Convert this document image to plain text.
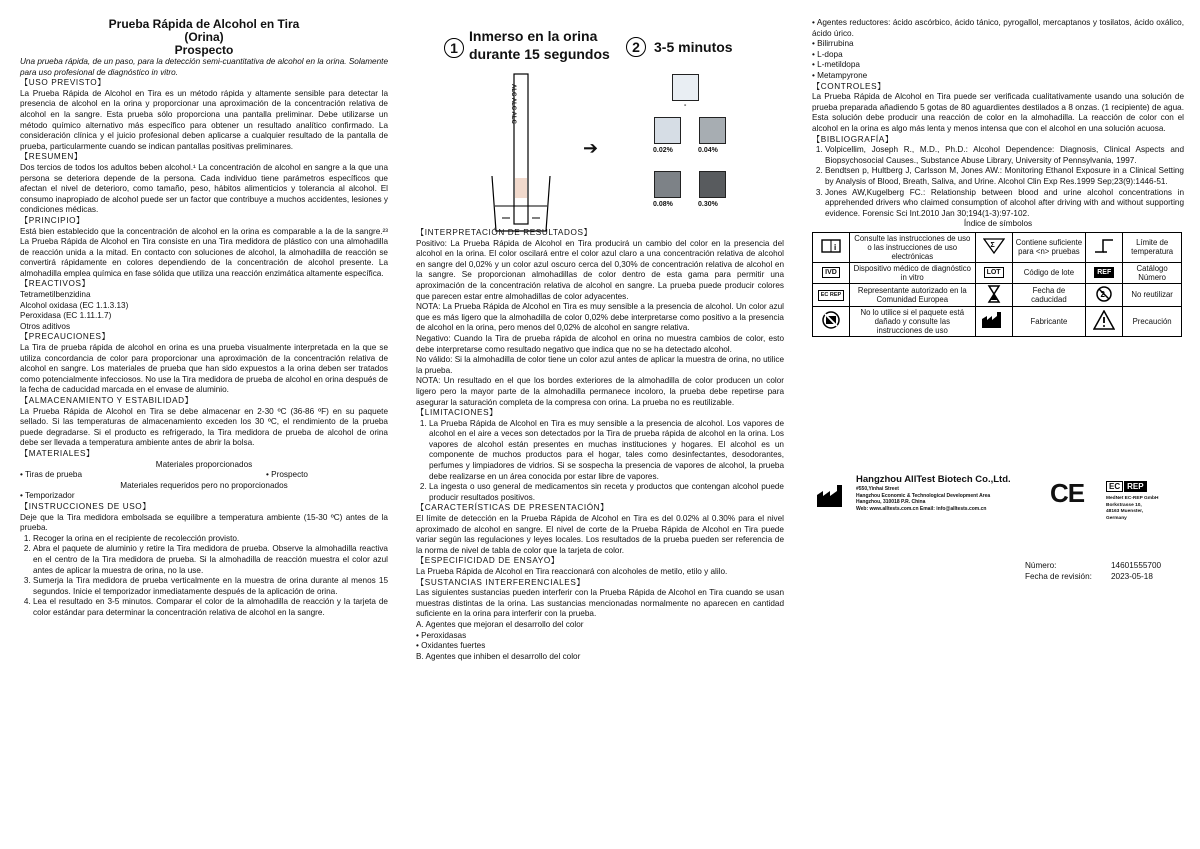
Prueba Rápida de Alcohol en Tira

(Orina)

Prospecto

Una prueba rápida, de un paso, para la detección semi-cuantitativa de alcohol en la orina. Solamente para uso profesional de diagnóstico in vitro.

【USO PREVISTO】

La Prueba Rápida de Alcohol en Tira es un método rápida y altamente sensible para detectar la presencia de alcohol en la orina y proporcionar una aproximación de la concentración relativa de alcohol en la sangre. Esta prueba sólo proporciona una pantalla preliminar. Debe utilizarse un método químico alternativo más específico para obtener un resultado analítico confirmado. La consideración clínica y el juicio profesional deben aplicarse a cualquier resultado de la pantalla de prueba, particularmente cuando se indican pantallas positivas preliminares.

【RESUMEN】

Dos tercios de todos los adultos beben alcohol.¹ La concentración de alcohol en sangre a la que una persona se deteriora depende de la persona. Cada individuo tiene parámetros específicos que afectan el nivel de deterioro, como tamaño, peso, hábitos alimenticios y tolerancia al alcohol. El consumo inapropiado de alcohol puede ser un factor que contribuye a muchos accidentes, lesiones y condiciones médicas.

【PRINCIPIO】

Está bien establecido que la concentración de alcohol en la orina es comparable a la de la sangre.²³ La Prueba Rápida de Alcohol en Tira consiste en una Tira medidora de plástico con una almohadilla de reacción unida a la mitad. En contacto con soluciones de alcohol, la almohadilla de reacción se convertirá rápidamente en colores dependiendo de la concentración de alcohol presente. La almohadilla emplea química en fase sólida que utiliza una reacción enzimática altamente específica.

【REACTIVOS】

Tetrametilbenzidina

Alcohol oxidasa (EC 1.1.3.13)

Peroxidasa (EC 1.11.1.7)

Otros aditivos

【PRECAUCIONES】

La Tira de prueba rápida de alcohol en orina es una prueba visualmente interpretada en la que se utiliza concordancia de color para proporcionar una aproximación de la concentración relativa de alcohol en sangre. Los materiales de prueba que han sido expuestos a la orina deben ser tratados como potencialmente infecciosos. No use la Tira medidora de prueba de alcohol en orina después de la fecha de caducidad marcada en el envase de aluminio.

【ALMACENAMIENTO Y ESTABILIDAD】

La Prueba Rápida de Alcohol en Tira se debe almacenar en 2-30 ºC (36-86 ºF) en su paquete sellado. Si las temperaturas de almacenamiento exceden los 30 ºC, el rendimiento de la prueba puede degradarse. Si el producto es refrigerado, la Tira medidora de prueba de alcohol de orina debe ser llevada a temperatura ambiente antes de abrir la bolsa.

【MATERIALES】

Materiales proporcionados

• Tiras de prueba	• Prospecto

Materiales requeridos pero no proporcionados

• Temporizador

【INSTRUCCIONES DE USO】

Deje que la Tira medidora embolsada se equilibre a temperatura ambiente (15-30 ºC) antes de la prueba.

1. Recoger la orina en el recipiente de recolección provisto.
2. Abra el paquete de aluminio y retire la Tira medidora de prueba. Observe la almohadilla reactiva en el centro de la Tira medidora de prueba. Si la almohadilla de reacción muestra el color azul antes de aplicar la muestra de orina, no la use.
3. Sumerja la Tira medidora de prueba verticalmente en la muestra de orina durante al menos 15 segundos. Inicie el temporizador inmediatamente después de la aplicación de orina.
4. Lea el resultado en 3-5 minutos. Comparar el color de la almohadilla de reacción y la tarjeta de color estándar para determinar la concentración relativa de alcohol en la sangre.
1
Inmerso en la orina
durante 15 segundos	2	3-5 minutos
ALC ALC ALC
➔
-
0.02%	0.04%
0.08%	0.30%

【INTERPRETACIÓN DE RESULTADOS】

Positivo: La Prueba Rápida de Alcohol en Tira producirá un cambio del color en la presencia del alcohol en la orina. El color oscilará entre el color azul claro a una concentración relativa de alcohol en sangre del 0,02% y un color azul oscuro cerca del 0,30% de concentración relativa de alcohol en la sangre. Se proporcionan almohadillas de color dentro de esta gama para permitir una aproximación de la concentración relativa de alcohol en sangre. La prueba puede producir colores que parecen estar entre almohadillas de color adyacentes.

NOTA: La Prueba Rápida de Alcohol en Tira es muy sensible a la presencia de alcohol. Un color azul que es más ligero que la almohadilla de color 0,02% debe interpretarse como positivo a la presencia de alcohol en la orina, pero menos del 0,02% de alcohol en sangre relativa.

Negativo: Cuando la Tira de prueba rápida de alcohol en orina no muestra cambios de color, esto debe interpretarse como resultado negativo que indica que no se ha detectado alcohol.

No válido: Si la almohadilla de color tiene un color azul antes de aplicar la muestra de orina, no utilice la prueba.

NOTA: Un resultado en el que los bordes exteriores de la almohadilla de color producen un color ligero pero la mayor parte de la almohadilla permanece incoloro, la prueba debe repetirse para asegurar la saturación completa de la compresa con orina. La prueba no es reutilizable.

【LIMITACIONES】

1. La Prueba Rápida de Alcohol en Tira es muy sensible a la presencia de alcohol. Los vapores de alcohol en el aire a veces son detectados por la Tira de prueba rápida de alcohol en la orina. Los vapores de alcohol están presentes en muchas instituciones y hogares. El alcohol es un componente de muchos productos para el hogar, tales como desinfectantes, desodorantes, perfumes y limpiadores de vidrios. Si se sospecha la presencia de vapores de alcohol, la prueba debe realizarse en un área conocida por estar libre de vapores.
2. La ingesta o uso general de medicamentos sin receta y productos que contengan alcohol puede producir resultados positivos.

【CARACTERÍSTICAS DE PRESENTACIÓN】

El límite de detección en la Prueba Rápida de Alcohol en Tira es del 0.02% al 0.30% para el nivel aproximado de alcohol en sangre. El nivel de corte de la Prueba Rápida de Alcohol en Tira puede variar según las regulaciones y leyes locales. Los resultados de la prueba pueden ser referencia de la norma de nivel de tabla de color que la tarjeta de color.

【ESPECIFICIDAD DE ENSAYO】

La Prueba Rápida de Alcohol en Tira reaccionará con alcoholes de metilo, etilo y alilo.

【SUSTANCIAS INTERFERENCIALES】

Las siguientes sustancias pueden interferir con la Prueba Rápida de Alcohol en Tira cuando se usan muestras distintas de la orina. Las sustancias mencionadas normalmente no aparecen en cantidad suficiente en la orina para interferir con la prueba.

A. Agentes que mejoran el desarrollo del color

• Peroxidasas

• Oxidantes fuertes

B. Agentes que inhiben el desarrollo del color

• Agentes reductores: ácido ascórbico, ácido tánico, pyrogallol, mercaptanos y tosilatos, ácido oxálico, ácido úrico.

• Bilirrubina

• L-dopa

• L-metildopa

• Metampyrone

【CONTROLES】

La Prueba Rápida de Alcohol en Tira puede ser verificada cualitativamente usando una solución de prueba preparada añadiendo 5 gotas de 80 aguardientes destilados a 8 onzas. (1 recipiente) de agua. Esta solución debe producir una reacción de color en la almohadilla. La reacción de color con el alcohol en la orina es algo más lenta y menos intensa que con el alcohol en una solución acuosa.

【BIBLIOGRAFÍA】

1. Volpicellim, Joseph R., M.D., Ph.D.: Alcohol Dependence: Diagnosis, Clinical Aspects and Biopsychosocial Causes., Substance Abuse Library, University of Pennsylvania, 1997.
2. Bendtsen p, Hultberg J, Carlsson M, Jones AW.: Monitoring Ethanol Exposure in a Clinical Setting by Analysis of Blood, Breath, Saliva, and Urine. Alcohol Clin Exp Res.1999 Sep;23(9):1446-51.
3. Jones AW,Kugelberg FC.: Relationship between blood and urine alcohol concentrations in apprehended drivers who claimed consumption of alcohol after driving with and without supporting evidence. Forensic Sci Int.2010 Jan 30;194(1-3):97-102.

Índice de símbolos

i	Consulte las instrucciones de uso o las instrucciones de uso electrónicas	Σ	Contiene suficiente para <n> pruebas		Límite de temperatura
IVD	Dispositivo médico de diagnóstico in vitro	LOT	Código de lote	REF	Catálogo Número
EC REP	Representante autorizado en la Comunidad Europea		Fecha de caducidad	2	No reutilizar
	No lo utilice si el paquete está dañado y consulte las instrucciones de uso		Fabricante		Precaución
Hangzhou AllTest Biotech Co.,Ltd.
#550,Yinhai Street
Hangzhou Economic & Technological Development Area
Hangzhou, 310018 P.R. China
Web: www.alltests.com.cn Email: info@alltests.com.cn
CE	EC REP
MedNet EC-REP GmbH
Borkstrasse 10,
48163 Muenster,
Germany
Número:	14601555700
Fecha de revisión: 2023-05-18
